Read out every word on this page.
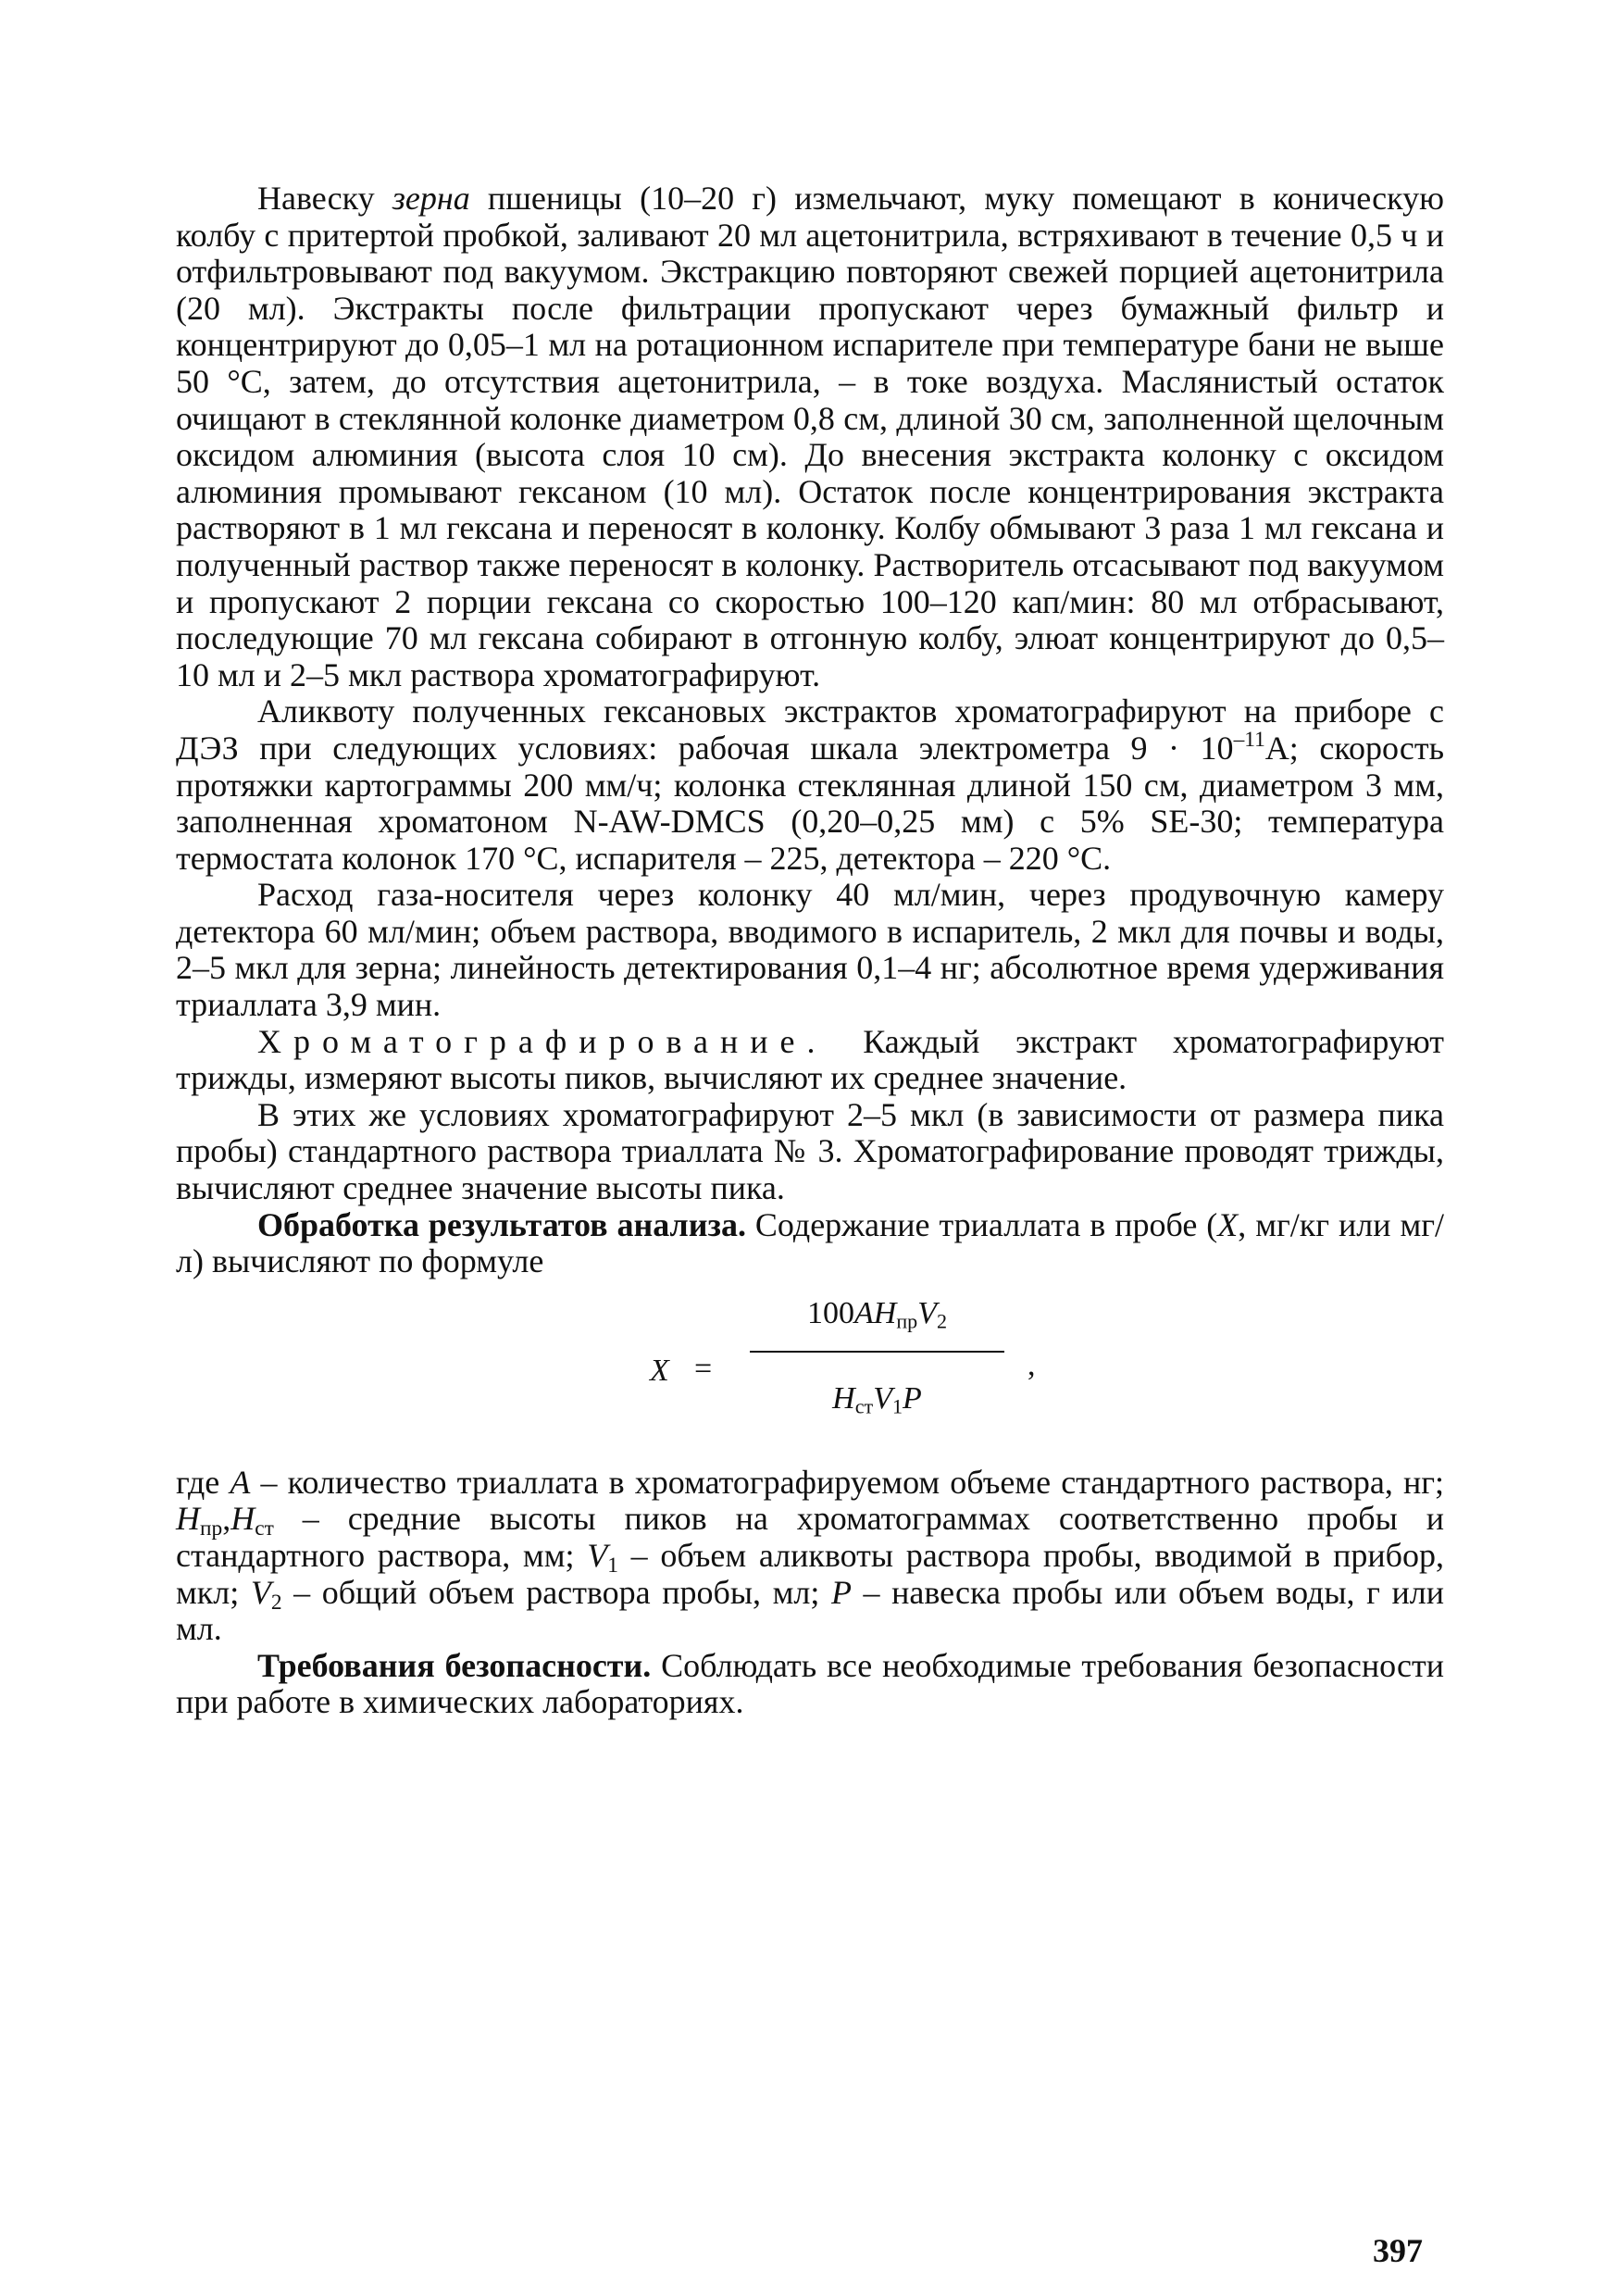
Навеску зерна пшеницы (10–20 г) измельчают, муку помещают в коническую колбу с притертой пробкой, заливают 20 мл ацетонитрила, встряхивают в течение 0,5 ч и отфильтровывают под вакуумом. Экстракцию повторяют свежей порцией ацетонитрила (20 мл). Экстракты после фильтрации пропускают через бумажный фильтр и концентрируют до 0,05–1 мл на ротационном испарителе при температуре бани не выше 50 °C, затем, до отсутствия ацетонитрила, – в токе воздуха. Маслянистый остаток очищают в стеклянной колонке диаметром 0,8 см, длиной 30 см, заполненной щелочным оксидом алюминия (высота слоя 10 см). До внесения экстракта колонку с оксидом алюминия промывают гексаном (10 мл). Остаток после концентрирования экстракта растворяют в 1 мл гексана и переносят в колонку. Колбу обмывают 3 раза 1 мл гексана и полученный раствор также переносят в колонку. Растворитель отсасывают под вакуумом и пропускают 2 порции гексана со скоростью 100–120 кап/мин: 80 мл отбрасывают, последующие 70 мл гексана собирают в отгонную колбу, элюат концентрируют до 0,5–10 мл и 2–5 мкл раствора хроматографируют.

Аликвоту полученных гексановых экстрактов хроматографируют на приборе с ДЭЗ при следующих условиях: рабочая шкала электрометра $9 \cdot 10^{-11}А$; скорость протяжки картограммы 200 мм/ч; колонка стеклянная длиной 150 см, диаметром 3 мм, заполненная хроматоном N-AW-DMCS (0,20–0,25 мм) с 5% SE-30; температура термостата колонок 170 °C, испарителя – 225, детектора – 220 °C.

Расход газа-носителя через колонку 40 мл/мин, через продувочную камеру детектора 60 мл/мин; объем раствора, вводимого в испаритель, 2 мкл для почвы и воды, 2–5 мкл для зерна; линейность детектирования 0,1–4 нг; абсолютное время удерживания триаллата 3,9 мин.

Хроматографирование. Каждый экстракт хроматографируют трижды, измеряют высоты пиков, вычисляют их среднее значение.

В этих же условиях хроматографируют 2–5 мкл (в зависимости от размера пика пробы) стандартного раствора триаллата № 3. Хроматографирование проводят трижды, вычисляют среднее значение высоты пика.

Обработка результатов анализа. Содержание триаллата в пробе (X, мг/кг или мг/л) вычисляют по формуле

X =
$100AH_{пр}V_2$
$H_{ст}V_1P$
,

где A – количество триаллата в хроматографируемом объеме стандартного раствора, нг; $H_{пр},H_{ст}$ – средние высоты пиков на хроматограммах соответственно пробы и стандартного раствора, мм; $V_1$ – объем аликвоты раствора пробы, вводимой в прибор, мкл; $V_2$ – общий объем раствора пробы, мл; P – навеска пробы или объем воды, г или мл.

Требования безопасности. Соблюдать все необходимые требования безопасности при работе в химических лабораториях.

397
